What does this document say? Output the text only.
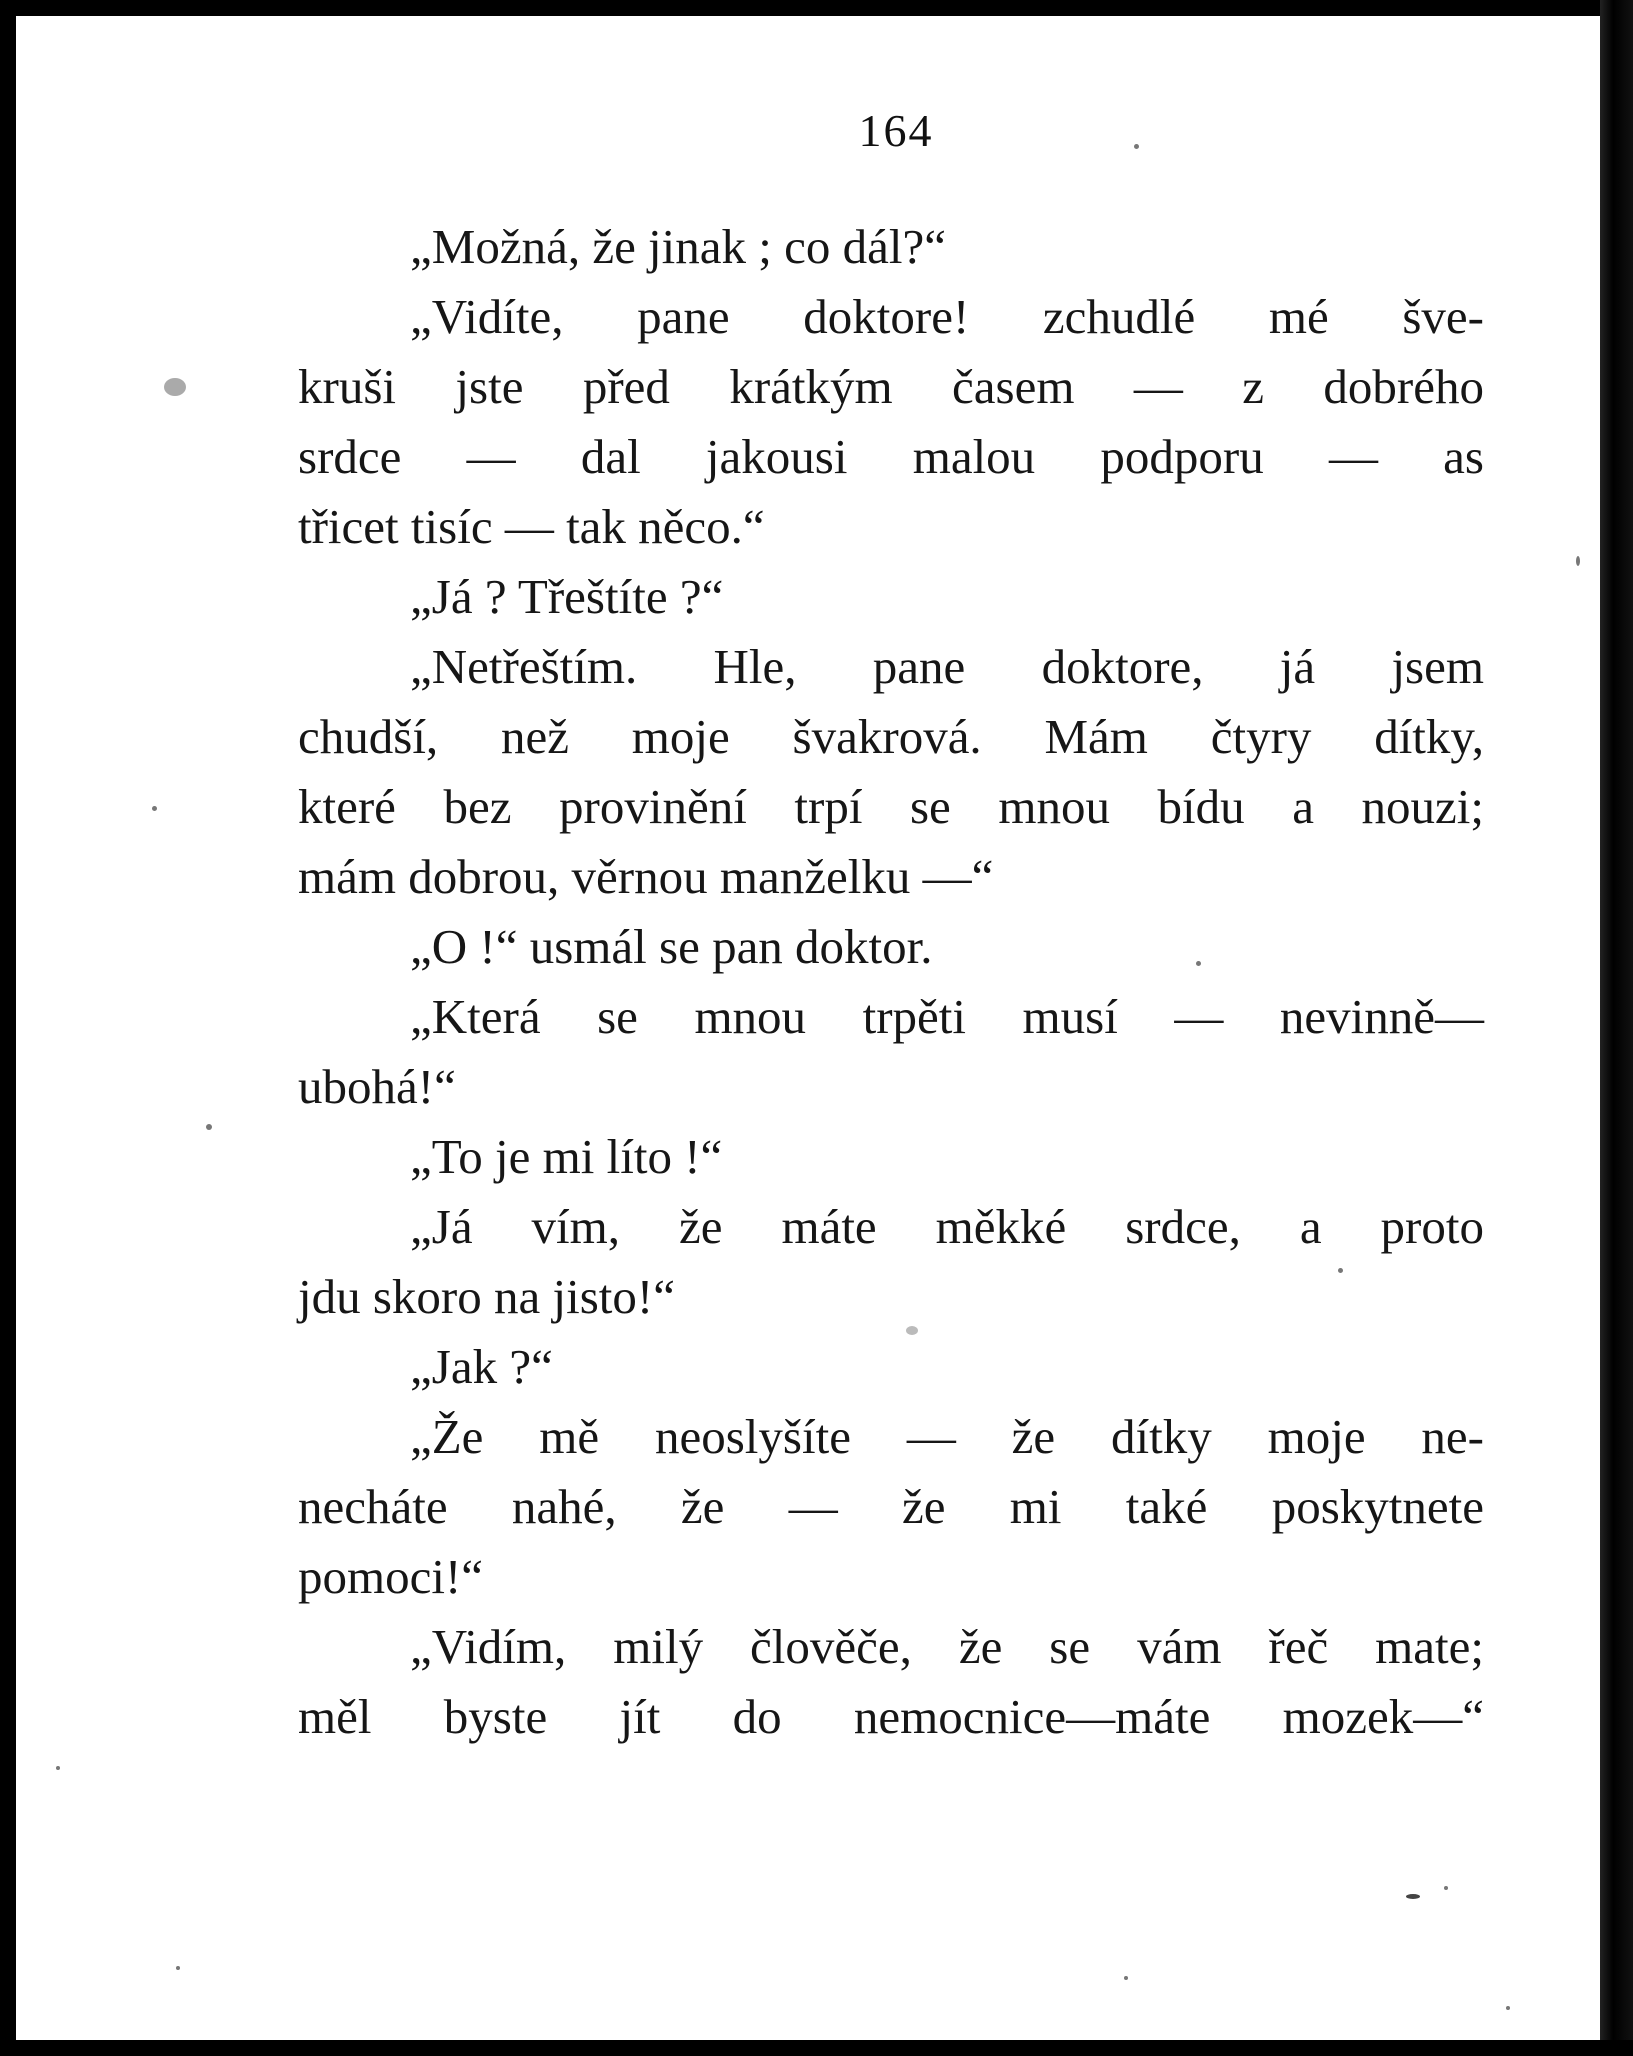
164
„Možná, že jinak ; co dál?“
„Vidíte, pane doktore! zchudlé mé šve-
kruši jste před krátkým časem — z dobrého
srdce — dal jakousi malou podporu — as
třicet tisíc — tak něco.“
„Já ? Třeštíte ?“
„Netřeštím. Hle, pane doktore, já jsem
chudší, než moje švakrová. Mám čtyry dítky,
které bez provinění trpí se mnou bídu a nouzi;
mám dobrou, věrnou manželku —“
„O !“ usmál se pan doktor.
„Která se mnou trpěti musí — nevinně—
ubohá!“
„To je mi líto !“
„Já vím, že máte měkké srdce, a proto
jdu skoro na jisto!“
„Jak ?“
„Že mě neoslyšíte — že dítky moje ne-
necháte nahé, že — že mi také poskytnete
pomoci!“
„Vidím, milý člověče, že se vám řeč mate;
měl byste jít do nemocnice—máte mozek—“
